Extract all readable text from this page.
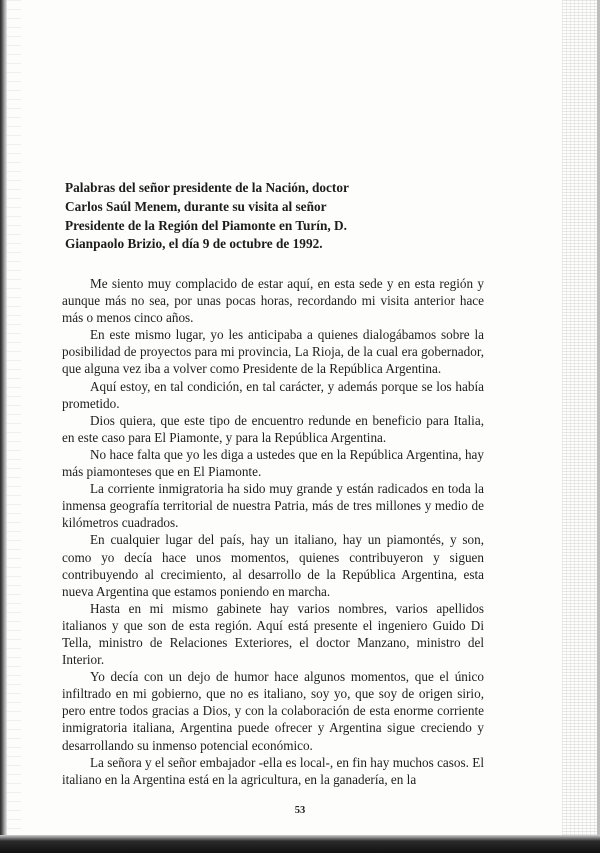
Palabras del señor presidente de la Nación, doctor Carlos Saúl Menem, durante su visita al señor Presidente de la Región del Piamonte en Turín, D. Gianpaolo Brizio, el día 9 de octubre de 1992.

Me siento muy complacido de estar aquí, en esta sede y en esta región y aunque más no sea, por unas pocas horas, recordando mi visita anterior hace más o menos cinco años.

En este mismo lugar, yo les anticipaba a quienes dialogábamos sobre la posibilidad de proyectos para mi provincia, La Rioja, de la cual era gobernador, que alguna vez iba a volver como Presidente de la República Argentina.

Aquí estoy, en tal condición, en tal carácter, y además porque se los había prometido.

Dios quiera, que este tipo de encuentro redunde en beneficio para Italia, en este caso para El Piamonte, y para la República Argentina.

No hace falta que yo les diga a ustedes que en la República Argentina, hay más piamonteses que en El Piamonte.

La corriente inmigratoria ha sido muy grande y están radicados en toda la inmensa geografía territorial de nuestra Patria, más de tres millones y medio de kilómetros cuadrados.

En cualquier lugar del país, hay un italiano, hay un piamontés, y son, como yo decía hace unos momentos, quienes contribuyeron y siguen contribuyendo al crecimiento, al desarrollo de la República Argentina, esta nueva Argentina que estamos poniendo en marcha.

Hasta en mi mismo gabinete hay varios nombres, varios apellidos italianos y que son de esta región. Aquí está presente el ingeniero Guido Di Tella, ministro de Relaciones Exteriores, el doctor Manzano, ministro del Interior.

Yo decía con un dejo de humor hace algunos momentos, que el único infiltrado en mi gobierno, que no es italiano, soy yo, que soy de origen sirio, pero entre todos gracias a Dios, y con la colaboración de esta enorme corriente inmigratoria italiana, Argentina puede ofrecer y Argentina sigue creciendo y desarrollando su inmenso potencial económico.

La señora y el señor embajador -ella es local-, en fin hay muchos casos. El italiano en la Argentina está en la agricultura, en la ganadería, en la

53
